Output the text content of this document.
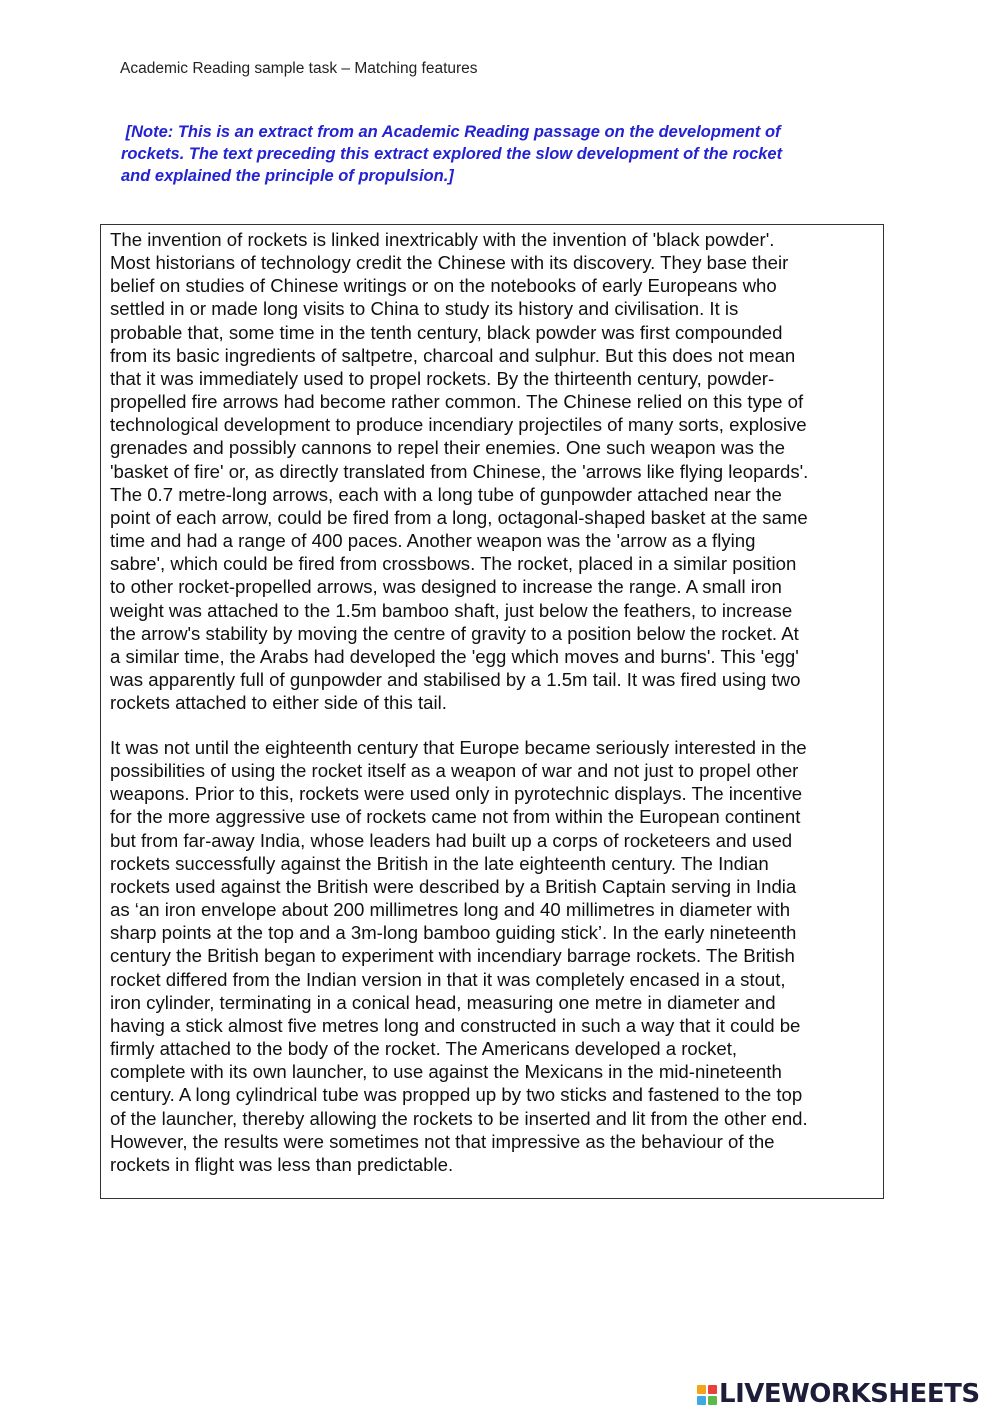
Academic Reading sample task – Matching features
[Note: This is an extract from an Academic Reading passage on the development of
rockets. The text preceding this extract explored the slow development of the rocket
and explained the principle of propulsion.]

The invention of rockets is linked inextricably with the invention of 'black powder'.
Most historians of technology credit the Chinese with its discovery. They base their
belief on studies of Chinese writings or on the notebooks of early Europeans who
settled in or made long visits to China to study its history and civilisation. It is
probable that, some time in the tenth century, black powder was first compounded
from its basic ingredients of saltpetre, charcoal and sulphur. But this does not mean
that it was immediately used to propel rockets. By the thirteenth century, powder-
propelled fire arrows had become rather common. The Chinese relied on this type of
technological development to produce incendiary projectiles of many sorts, explosive
grenades and possibly cannons to repel their enemies. One such weapon was the
'basket of fire' or, as directly translated from Chinese, the 'arrows like flying leopards'.
The 0.7 metre-long arrows, each with a long tube of gunpowder attached near the
point of each arrow, could be fired from a long, octagonal-shaped basket at the same
time and had a range of 400 paces. Another weapon was the 'arrow as a flying
sabre', which could be fired from crossbows. The rocket, placed in a similar position
to other rocket-propelled arrows, was designed to increase the range. A small iron
weight was attached to the 1.5m bamboo shaft, just below the feathers, to increase
the arrow's stability by moving the centre of gravity to a position below the rocket. At
a similar time, the Arabs had developed the 'egg which moves and burns'. This 'egg'
was apparently full of gunpowder and stabilised by a 1.5m tail. It was fired using two
rockets attached to either side of this tail.

It was not until the eighteenth century that Europe became seriously interested in the
possibilities of using the rocket itself as a weapon of war and not just to propel other
weapons. Prior to this, rockets were used only in pyrotechnic displays. The incentive
for the more aggressive use of rockets came not from within the European continent
but from far-away India, whose leaders had built up a corps of rocketeers and used
rockets successfully against the British in the late eighteenth century. The Indian
rockets used against the British were described by a British Captain serving in India
as ‘an iron envelope about 200 millimetres long and 40 millimetres in diameter with
sharp points at the top and a 3m-long bamboo guiding stick’. In the early nineteenth
century the British began to experiment with incendiary barrage rockets. The British
rocket differed from the Indian version in that it was completely encased in a stout,
iron cylinder, terminating in a conical head, measuring one metre in diameter and
having a stick almost five metres long and constructed in such a way that it could be
firmly attached to the body of the rocket. The Americans developed a rocket,
complete with its own launcher, to use against the Mexicans in the mid-nineteenth
century. A long cylindrical tube was propped up by two sticks and fastened to the top
of the launcher, thereby allowing the rockets to be inserted and lit from the other end.
However, the results were sometimes not that impressive as the behaviour of the
rockets in flight was less than predictable.

LIVEWORKSHEETS
